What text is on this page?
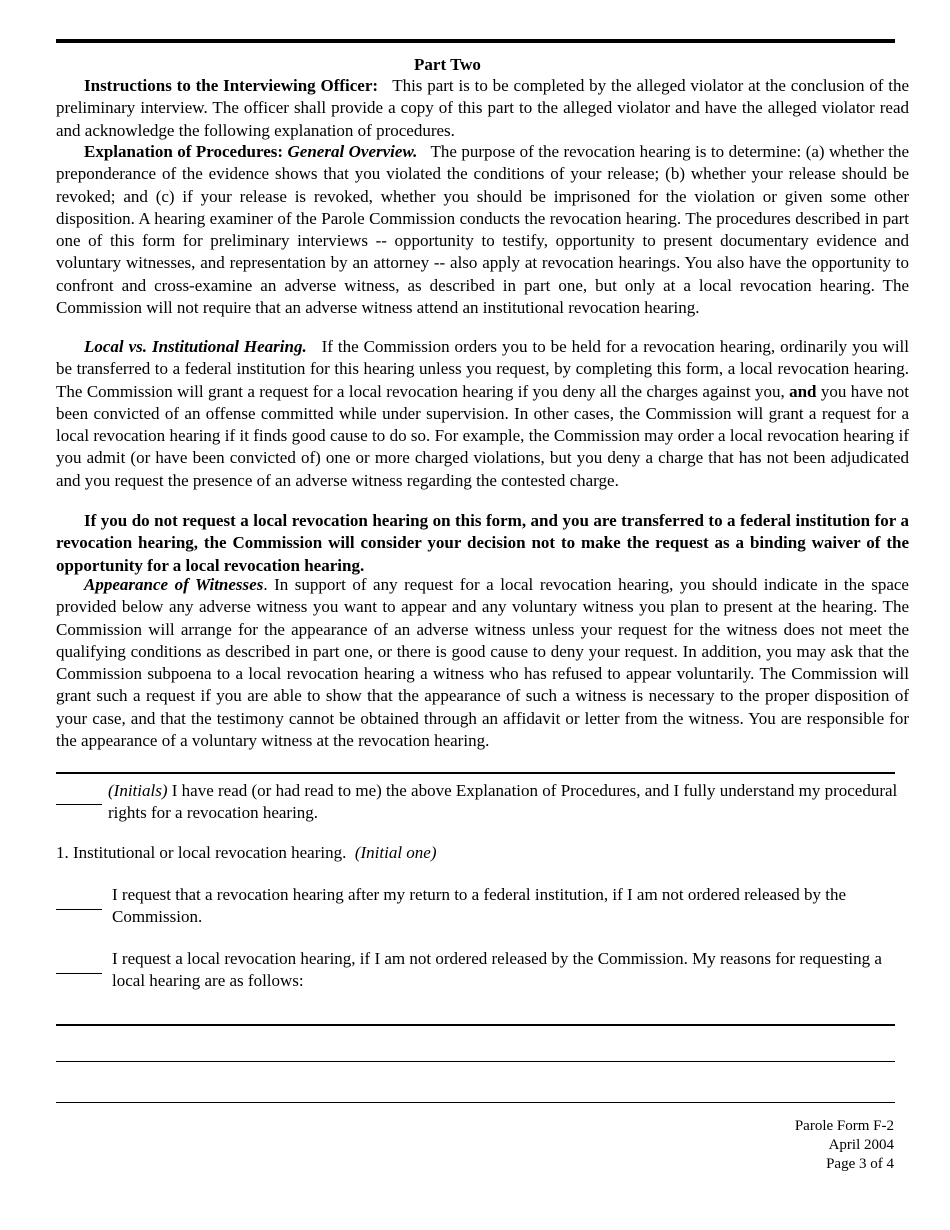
Part Two
Instructions to the Interviewing Officer: This part is to be completed by the alleged violator at the conclusion of the preliminary interview. The officer shall provide a copy of this part to the alleged violator and have the alleged violator read and acknowledge the following explanation of procedures.
Explanation of Procedures: General Overview. The purpose of the revocation hearing is to determine: (a) whether the preponderance of the evidence shows that you violated the conditions of your release; (b) whether your release should be revoked; and (c) if your release is revoked, whether you should be imprisoned for the violation or given some other disposition. A hearing examiner of the Parole Commission conducts the revocation hearing. The procedures described in part one of this form for preliminary interviews -- opportunity to testify, opportunity to present documentary evidence and voluntary witnesses, and representation by an attorney -- also apply at revocation hearings. You also have the opportunity to confront and cross-examine an adverse witness, as described in part one, but only at a local revocation hearing. The Commission will not require that an adverse witness attend an institutional revocation hearing.
Local vs. Institutional Hearing. If the Commission orders you to be held for a revocation hearing, ordinarily you will be transferred to a federal institution for this hearing unless you request, by completing this form, a local revocation hearing. The Commission will grant a request for a local revocation hearing if you deny all the charges against you, and you have not been convicted of an offense committed while under supervision. In other cases, the Commission will grant a request for a local revocation hearing if it finds good cause to do so. For example, the Commission may order a local revocation hearing if you admit (or have been convicted of) one or more charged violations, but you deny a charge that has not been adjudicated and you request the presence of an adverse witness regarding the contested charge.
If you do not request a local revocation hearing on this form, and you are transferred to a federal institution for a revocation hearing, the Commission will consider your decision not to make the request as a binding waiver of the opportunity for a local revocation hearing.
Appearance of Witnesses. In support of any request for a local revocation hearing, you should indicate in the space provided below any adverse witness you want to appear and any voluntary witness you plan to present at the hearing. The Commission will arrange for the appearance of an adverse witness unless your request for the witness does not meet the qualifying conditions as described in part one, or there is good cause to deny your request. In addition, you may ask that the Commission subpoena to a local revocation hearing a witness who has refused to appear voluntarily. The Commission will grant such a request if you are able to show that the appearance of such a witness is necessary to the proper disposition of your case, and that the testimony cannot be obtained through an affidavit or letter from the witness. You are responsible for the appearance of a voluntary witness at the revocation hearing.
(Initials) I have read (or had read to me) the above Explanation of Procedures, and I fully understand my procedural rights for a revocation hearing.
1. Institutional or local revocation hearing. (Initial one)
I request that a revocation hearing after my return to a federal institution, if I am not ordered released by the Commission.
I request a local revocation hearing, if I am not ordered released by the Commission. My reasons for requesting a local hearing are as follows:
Parole Form F-2
April 2004
Page 3 of 4
